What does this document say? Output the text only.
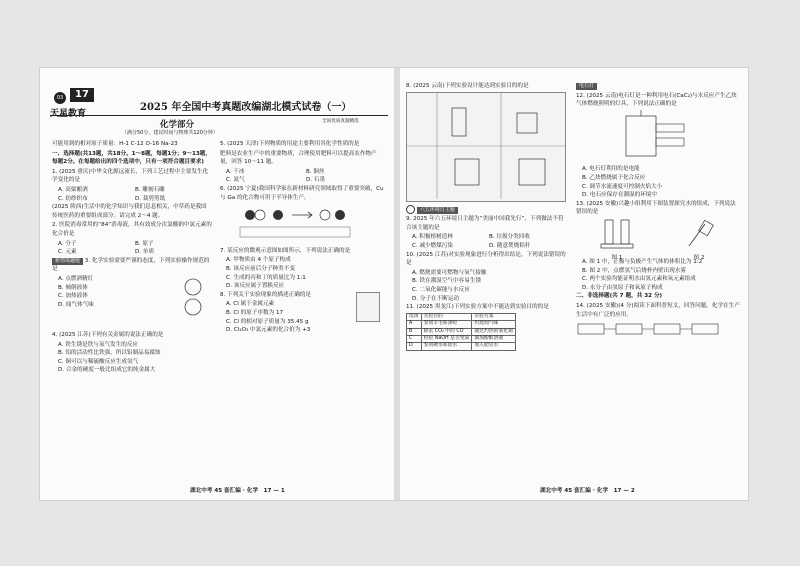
17
03
天星教育
2025 年全国中考真题改编湖北模式试卷（一）
全国优质真题精选
化学部分
（满分50分，建议时间与物理共120分钟）

可能用到的相对原子质量：H-1 C-12 O-16 Na-23

一、选择题(共13题，共18分。1～8题，每题1分；9～13题，每题2分。在每题给出的四个选项中，只有一项符合题目要求)

1. (2025 重庆)中华文化源远流长，下列工艺过程中主要发生化学变化的是

A. 高粱酿酒	B. 雕刻石雕
C. 纺纱织布	D. 裁剪剪纸

(2025 陕西)生活中的化学知识与我们息息相关，中草药是我国传统医药的重要组成部分。请完成 2～4 题。

2. 医院消毒常用的“84”消毒液，其有效成分次氯酸钠中氯元素的化合价是

A. 分子	B. 原子
C. 元素	D. 单质

新情境趣题 3. 化学实验需要严谨的态度，下列实验操作规范的是

A. 点燃酒精灯
B. 倾倒液体
C. 加热液体
D. 闻气体气味

4. (2025 江苏)下列有关金属的说法正确的是

A. 铁生锈是铁与氧气发生的反应
B. 铝的活动性比铁强，所以铝制品易腐蚀
C. 铜可以与稀硫酸反应生成氢气
D. 合金的硬度一般比组成它的纯金属大

5. (2025 天津)下列物质的用途主要利用其化学性质的是

肥料是农业生产中的重要物质，合理使用肥料可以提高农作物产量，回答 10～11 题。

A. 干冰	B. 铜丝
C. 氮气	D. 石墨

6. (2025 宁夏)我国科学家在新材料研究领域取得了重要突破，Cu 与 Ga 的化合物可用于半导体生产。

7. 某反应的微观示意图如图所示，下列说法正确的是

A. 甲物质由 4 个原子构成
B. 该反应前后分子种类不变
C. 生成的丙和丁的质量比为 1:1
D. 该反应属于置换反应

8. 下列关于实验现象的描述正确的是

A. Cl 属于金属元素
B. Cl 的原子序数为 17
C. Cl 的相对原子质量为 35.45 g
D. Cl₂O₃ 中氯元素的化合价为 +3
湖北中考 45 套汇编 · 化学　17 — 1

8. (2025 云南)下列实验设计能达到实验目的的是

六五环境日主题

9. 2025 年六五环境日主题为“美丽中国我先行”，下列做法不符合该主题的是

A. 积极植树造林	B. 垃圾分类回收
C. 减少燃煤污染	D. 随意焚烧秸秆

10. (2025 江苏)对实验现象进行分析得出结论，下列说法错误的是

A. 燃烧需要可燃物与氧气接触
B. 铁在潮湿空气中容易生锈
C. 二氧化碳能与水反应
D. 分子在不断运动

11. (2025 黑龙江)下列实验方案中不能达到实验目的的是

选项	实验目的	实验方案
A	鉴别羊毛和涤纶	灼烧闻气味
B	除去 CO₂ 中的 CO	通过灼热的氧化铜
C	检验 NaOH 是否变质	滴加酚酞溶液
D	鉴别硬水和软水	加入肥皂水

电石灯

12. (2025 云南)电石灯是一种利用电石(CaC₂)与水反应产生乙炔气体燃烧照明的灯具，下列说法正确的是

A. 电石灯利用的是电能
B. 乙炔燃烧属于化合反应
C. 调节水流速度可控制火焰大小
D. 电石应保存在潮湿的环境中

13. (2025 安徽)兴趣小组利用下图装置探究水的组成，下列说法错误的是

图 1	图 2
A. 图 1 中，正极与负极产生气体的体积比为 1:2
B. 图 2 中，点燃氢气后烧杯内壁出现水雾
C. 两个实验均能证明水由氢元素和氧元素组成
D. 水分子由氢原子和氧原子构成

二、非选择题(共 7 题，共 32 分)

14. (2025 安徽)(4 分)阅读下面科普短文，回答问题。化学在生产生活中有广泛的应用。

湖北中考 45 套汇编 · 化学　17 — 2
